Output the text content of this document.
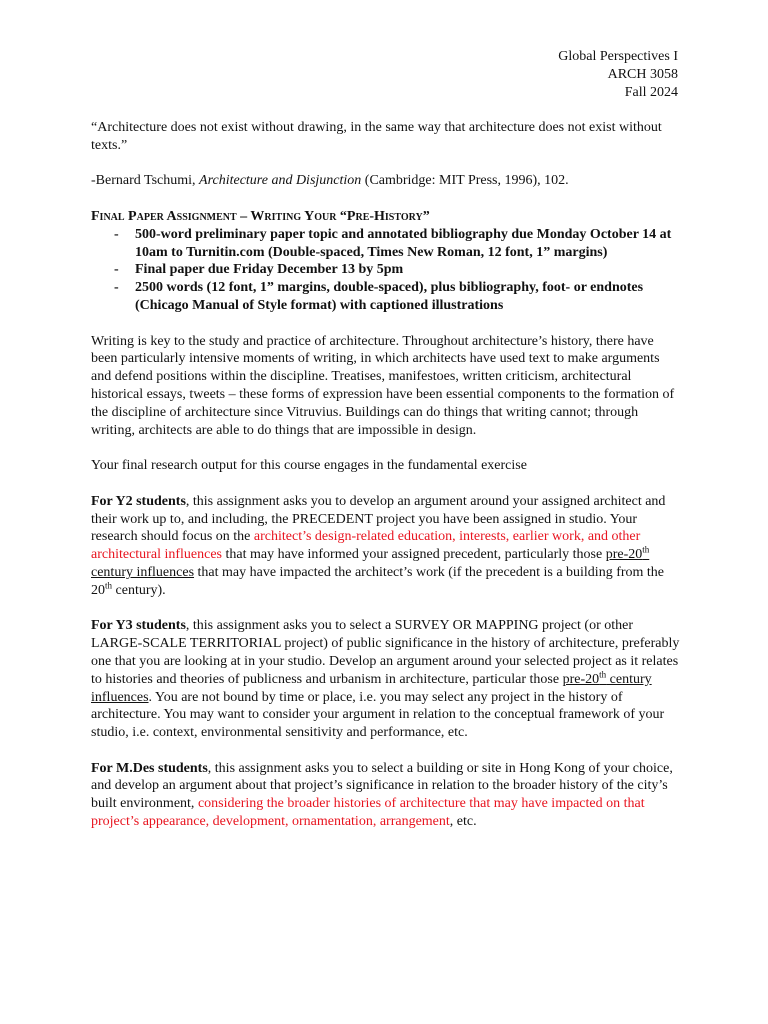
Global Perspectives I
ARCH 3058
Fall 2024

“Architecture does not exist without drawing, in the same way that architecture does not exist without texts.”

-Bernard Tschumi, Architecture and Disjunction (Cambridge: MIT Press, 1996), 102.

Final Paper Assignment – Writing Your “Pre-History”

- 500-word preliminary paper topic and annotated bibliography due Monday October 14 at 10am to Turnitin.com (Double-spaced, Times New Roman, 12 font, 1” margins)
- Final paper due Friday December 13 by 5pm
- 2500 words (12 font, 1” margins, double-spaced), plus bibliography, foot- or endnotes (Chicago Manual of Style format) with captioned illustrations

Writing is key to the study and practice of architecture. Throughout architecture’s history, there have been particularly intensive moments of writing, in which architects have used text to make arguments and defend positions within the discipline. Treatises, manifestoes, written criticism, architectural historical essays, tweets – these forms of expression have been essential components to the formation of the discipline of architecture since Vitruvius. Buildings can do things that writing cannot; through writing, architects are able to do things that are impossible in design.

Your final research output for this course engages in the fundamental exercise

For Y2 students, this assignment asks you to develop an argument around your assigned architect and their work up to, and including, the PRECEDENT project you have been assigned in studio. Your research should focus on the architect’s design-related education, interests, earlier work, and other architectural influences that may have informed your assigned precedent, particularly those pre-20th century influences that may have impacted the architect’s work (if the precedent is a building from the 20th century).

For Y3 students, this assignment asks you to select a SURVEY OR MAPPING project (or other LARGE-SCALE TERRITORIAL project) of public significance in the history of architecture, preferably one that you are looking at in your studio. Develop an argument around your selected project as it relates to histories and theories of publicness and urbanism in architecture, particular those pre-20th century influences. You are not bound by time or place, i.e. you may select any project in the history of architecture. You may want to consider your argument in relation to the conceptual framework of your studio, i.e. context, environmental sensitivity and performance, etc.

For M.Des students, this assignment asks you to select a building or site in Hong Kong of your choice, and develop an argument about that project’s significance in relation to the broader history of the city’s built environment, considering the broader histories of architecture that may have impacted on that project’s appearance, development, ornamentation, arrangement, etc.
